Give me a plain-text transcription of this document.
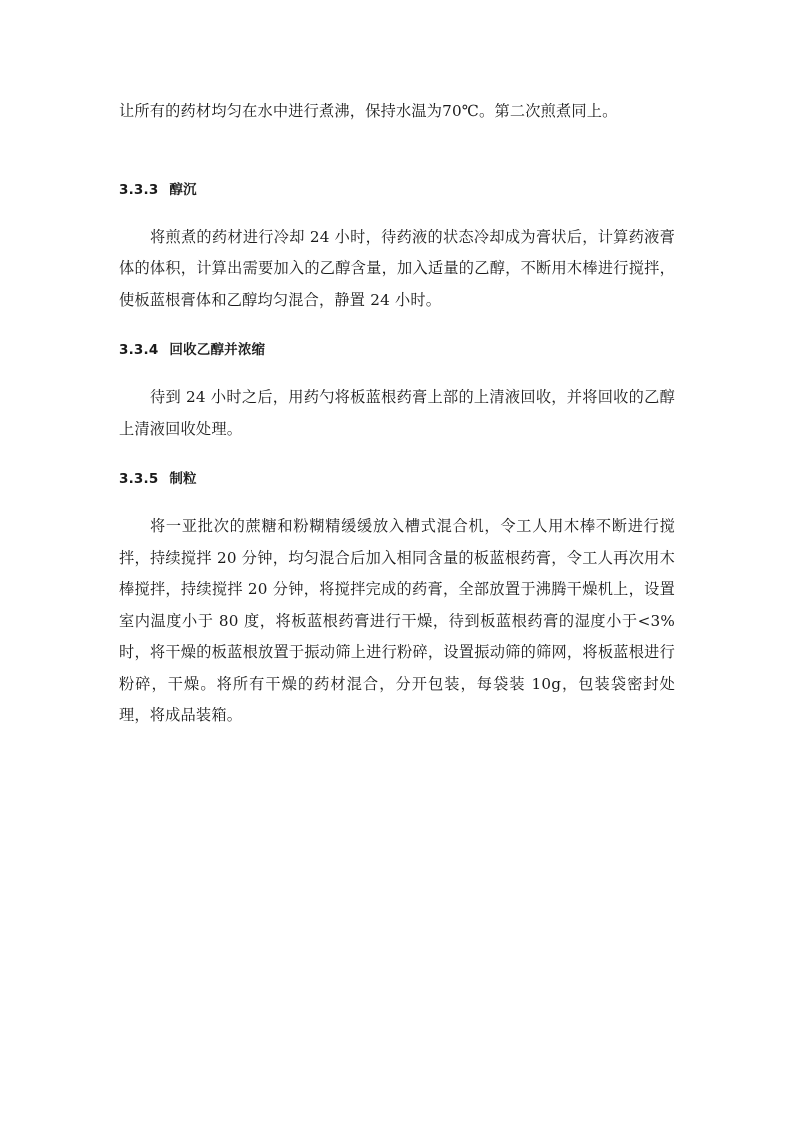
让所有的药材均匀在水中进行煮沸，保持水温为70℃。第二次煎煮同上。

3.3.3 醇沉

将煎煮的药材进行冷却 24 小时，待药液的状态冷却成为膏状后，计算药液膏体的体积，计算出需要加入的乙醇含量，加入适量的乙醇，不断用木棒进行搅拌，使板蓝根膏体和乙醇均匀混合，静置 24 小时。

3.3.4 回收乙醇并浓缩

待到 24 小时之后，用药勺将板蓝根药膏上部的上清液回收，并将回收的乙醇上清液回收处理。

3.3.5 制粒

将一亚批次的蔗糖和粉糊精缓缓放入槽式混合机，令工人用木棒不断进行搅拌，持续搅拌 20 分钟，均匀混合后加入相同含量的板蓝根药膏，令工人再次用木棒搅拌，持续搅拌 20 分钟，将搅拌完成的药膏，全部放置于沸腾干燥机上，设置室内温度小于 80 度，将板蓝根药膏进行干燥，待到板蓝根药膏的湿度小于<3%时，将干燥的板蓝根放置于振动筛上进行粉碎，设置振动筛的筛网，将板蓝根进行粉碎，干燥。将所有干燥的药材混合，分开包装，每袋装 10g，包装袋密封处理，将成品装箱。
